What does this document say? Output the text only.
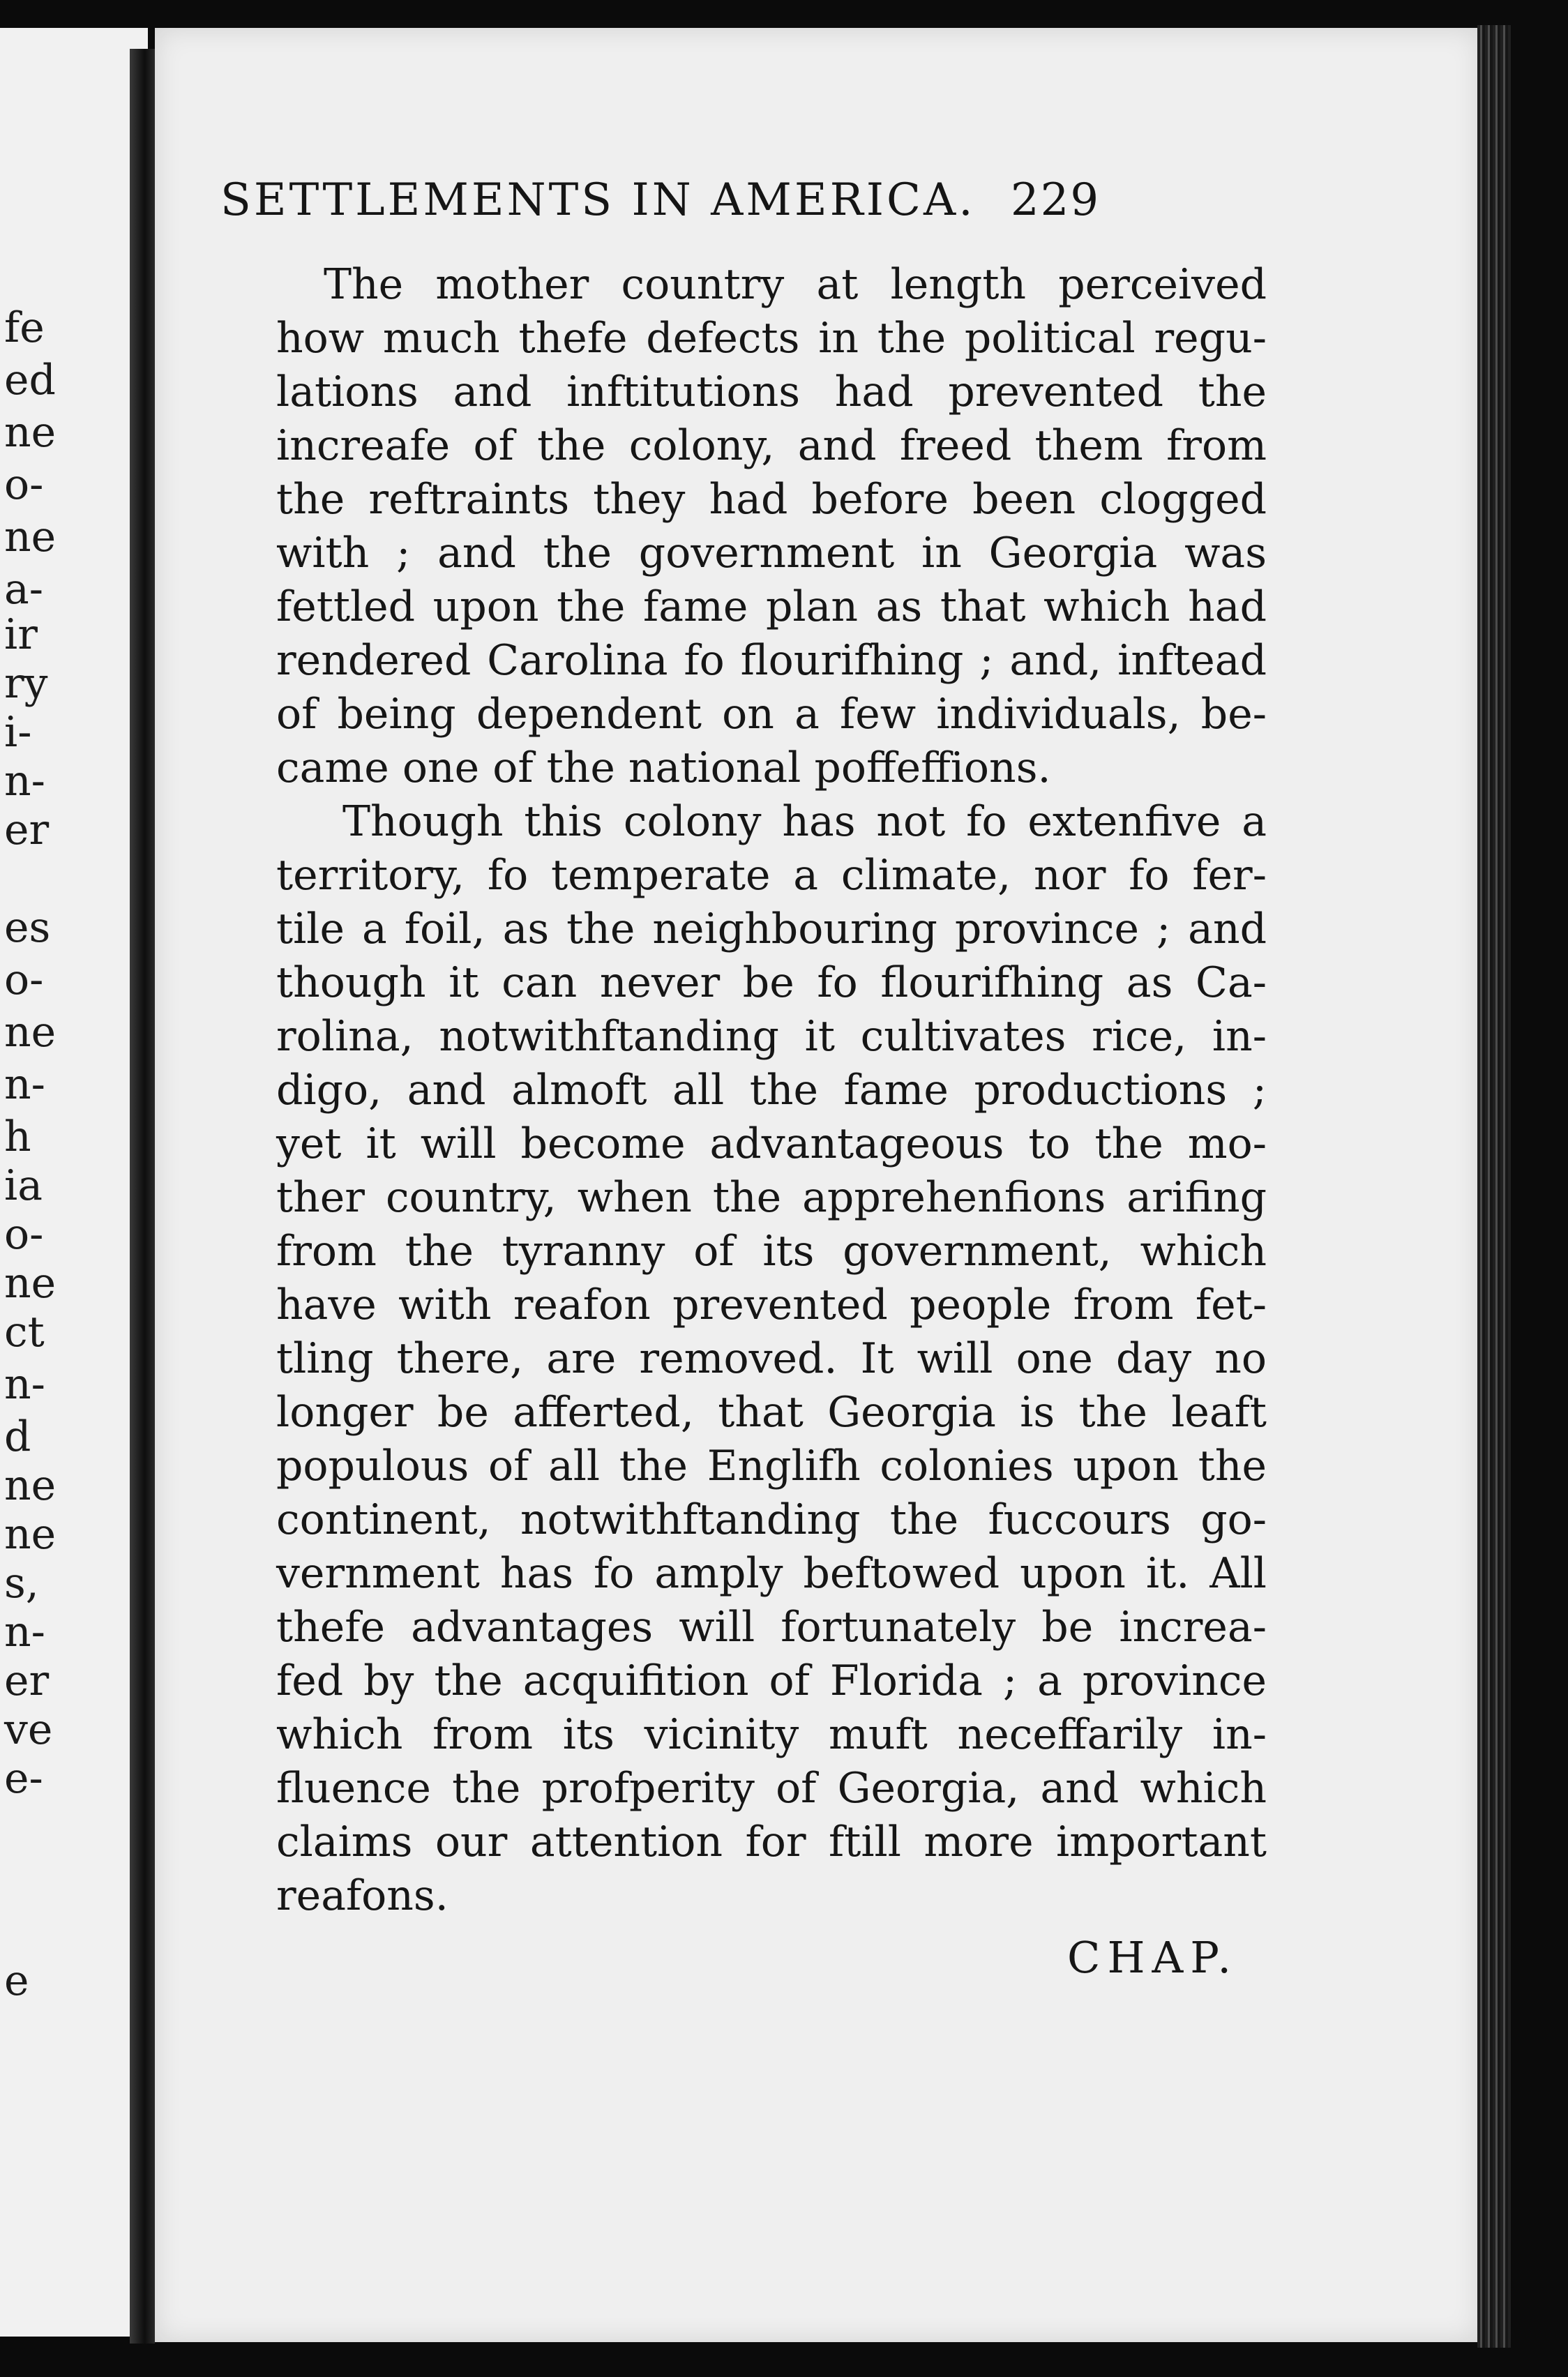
fe
ed
ne
o-
ne
a-
ir
ry
i-
n-
er
es
o-
ne
n-
h
ia
o-
ne
ct
n-
d
ne
ne
s,
n-
er
ve
e-
e
SETTLEMENTS IN AMERICA. 229

The mother country at length perceived
how much thefe defects in the political regu-
lations and inftitutions had prevented the
increafe of the colony, and freed them from
the reftraints they had before been clogged
with ; and the government in Georgia was
fettled upon the fame plan as that which had
rendered Carolina fo flourifhing ; and, inftead
of being dependent on a few individuals, be-
came one of the national poffeffions.

Though this colony has not fo extenfive a
territory, fo temperate a climate, nor fo fer-
tile a foil, as the neighbouring province ; and
though it can never be fo flourifhing as Ca-
rolina, notwithftanding it cultivates rice, in-
digo, and almoft all the fame productions ;
yet it will become advantageous to the mo-
ther country, when the apprehenfions arifing
from the tyranny of its government, which
have with reafon prevented people from fet-
tling there, are removed. It will one day no
longer be afferted, that Georgia is the leaft
populous of all the Englifh colonies upon the
continent, notwithftanding the fuccours go-
vernment has fo amply beftowed upon it. All
thefe advantages will fortunately be increa-
fed by the acquifition of Florida ; a province
which from its vicinity muft neceffarily in-
fluence the profperity of Georgia, and which
claims our attention for ftill more important
reafons.

CHAP.
